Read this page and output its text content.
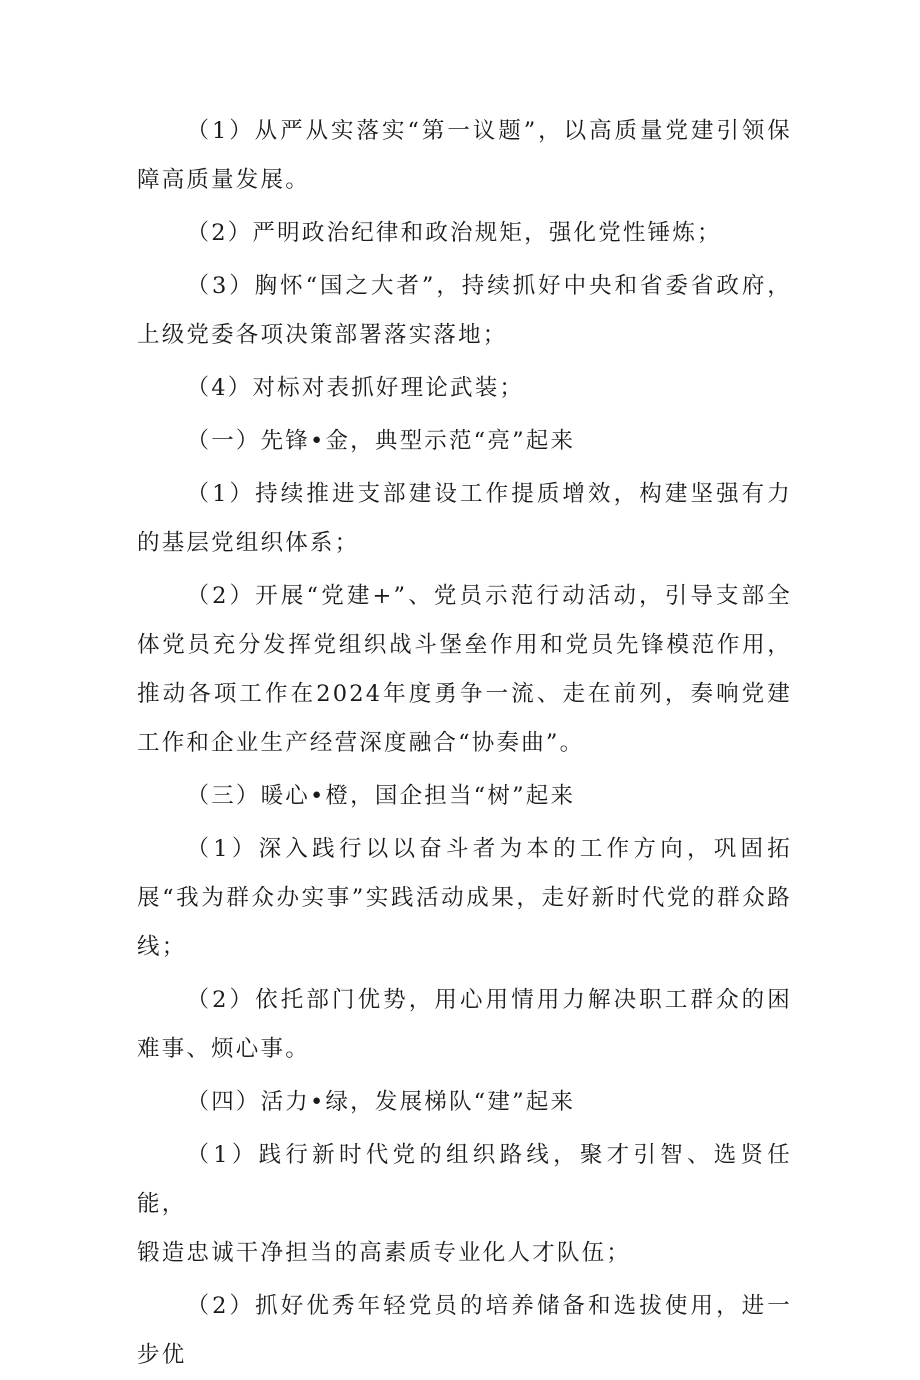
（1）从严从实落实“第一议题”，以高质量党建引领保障高质量发展。

（2）严明政治纪律和政治规矩，强化党性锤炼；

（3）胸怀“国之大者”，持续抓好中央和省委省政府，上级党委各项决策部署落实落地；

（4）对标对表抓好理论武装；

（一）先锋•金，典型示范“亮”起来

（1）持续推进支部建设工作提质增效，构建坚强有力的基层党组织体系；

（2）开展“党建+”、党员示范行动活动，引导支部全体党员充分发挥党组织战斗堡垒作用和党员先锋模范作用，推动各项工作在2024年度勇争一流、走在前列，奏响党建工作和企业生产经营深度融合“协奏曲”。

（三）暖心•橙，国企担当“树”起来

（1）深入践行以以奋斗者为本的工作方向，巩固拓展“我为群众办实事”实践活动成果，走好新时代党的群众路线；

（2）依托部门优势，用心用情用力解决职工群众的困难事、烦心事。

（四）活力•绿，发展梯队“建”起来

（1）践行新时代党的组织路线，聚才引智、选贤任能，

锻造忠诚干净担当的高素质专业化人才队伍；

（2）抓好优秀年轻党员的培养储备和选拔使用，进一步优
